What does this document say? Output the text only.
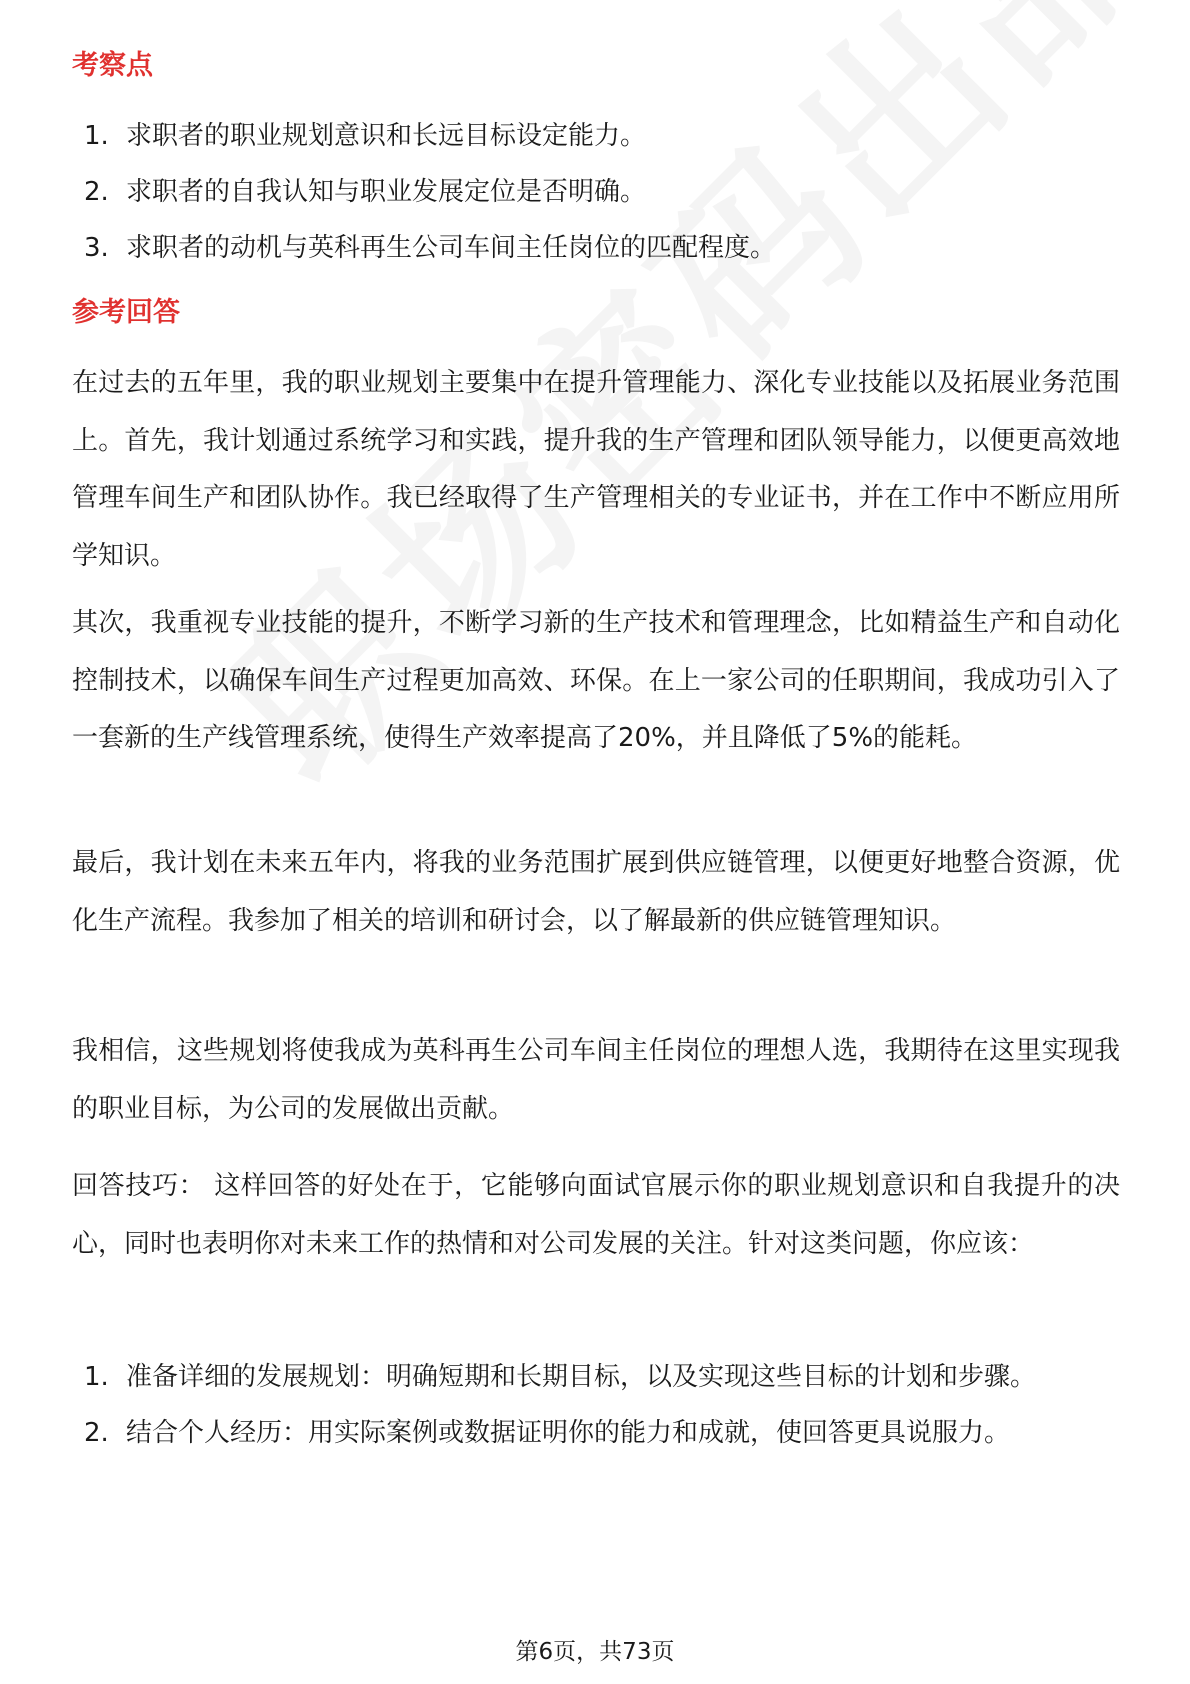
考察点
1. 求职者的职业规划意识和长远目标设定能力。
2. 求职者的自我认知与职业发展定位是否明确。
3. 求职者的动机与英科再生公司车间主任岗位的匹配程度。
参考回答

在过去的五年里，我的职业规划主要集中在提升管理能力、深化专业技能以及拓展业务范围上。首先，我计划通过系统学习和实践，提升我的生产管理和团队领导能力，以便更高效地管理车间生产和团队协作。我已经取得了生产管理相关的专业证书，并在工作中不断应用所学知识。

其次，我重视专业技能的提升，不断学习新的生产技术和管理理念，比如精益生产和自动化控制技术，以确保车间生产过程更加高效、环保。在上一家公司的任职期间，我成功引入了一套新的生产线管理系统，使得生产效率提高了20%，并且降低了5%的能耗。

最后，我计划在未来五年内，将我的业务范围扩展到供应链管理，以便更好地整合资源，优化生产流程。我参加了相关的培训和研讨会，以了解最新的供应链管理知识。

我相信，这些规划将使我成为英科再生公司车间主任岗位的理想人选，我期待在这里实现我的职业目标，为公司的发展做出贡献。

回答技巧： 这样回答的好处在于，它能够向面试官展示你的职业规划意识和自我提升的决心，同时也表明你对未来工作的热情和对公司发展的关注。针对这类问题，你应该：

1. 准备详细的发展规划：明确短期和长期目标，以及实现这些目标的计划和步骤。
2. 结合个人经历：用实际案例或数据证明你的能力和成就，使回答更具说服力。
第6页，共73页
